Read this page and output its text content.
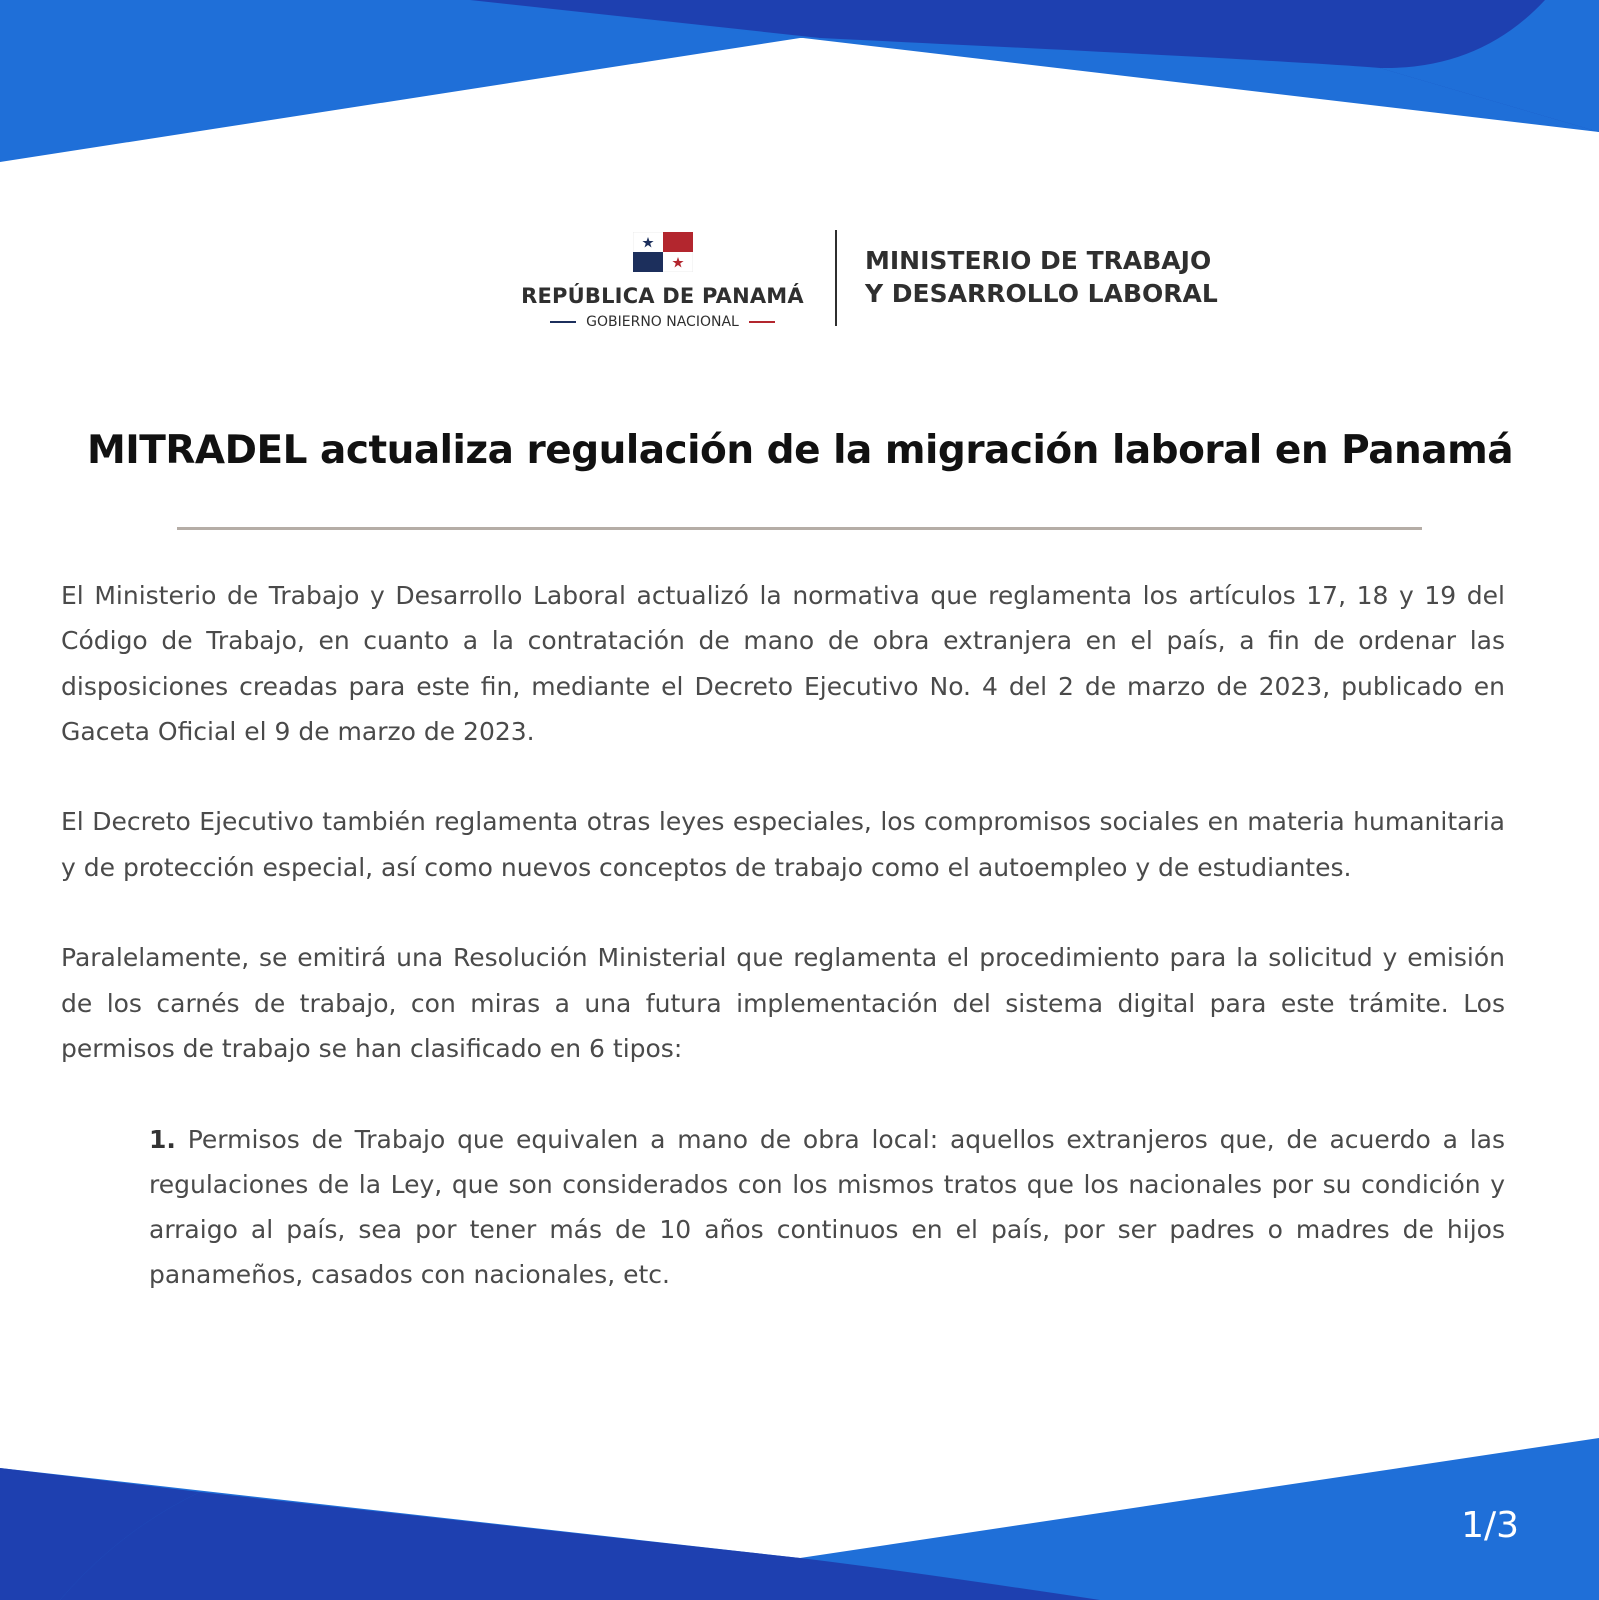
REPÚBLICA DE PANAMÁ
GOBIERNO NACIONAL
MINISTERIO DE TRABAJO
Y DESARROLLO LABORAL
MITRADEL actualiza regulación de la migración laboral en Panamá

El Ministerio de Trabajo y Desarrollo Laboral actualizó la normativa que reglamenta los artículos 17, 18 y 19 del Código de Trabajo, en cuanto a la contratación de mano de obra extranjera en el país, a fin de ordenar las disposiciones creadas para este fin, mediante el Decreto Ejecutivo No. 4 del 2 de marzo de 2023, publicado en Gaceta Oficial el 9 de marzo de 2023.

El Decreto Ejecutivo también reglamenta otras leyes especiales, los compromisos sociales en materia humanitaria y de protección especial, así como nuevos conceptos de trabajo como el autoempleo y de estudiantes.

Paralelamente, se emitirá una Resolución Ministerial que reglamenta el procedimiento para la solicitud y emisión de los carnés de trabajo, con miras a una futura implementación del sistema digital para este trámite. Los permisos de trabajo se han clasificado en 6 tipos:

1. Permisos de Trabajo que equivalen a mano de obra local: aquellos extranjeros que, de acuerdo a las regulaciones de la Ley, que son considerados con los mismos tratos que los nacionales por su condición y arraigo al país, sea por tener más de 10 años continuos en el país, por ser padres o madres de hijos panameños, casados con nacionales, etc.

1/3
